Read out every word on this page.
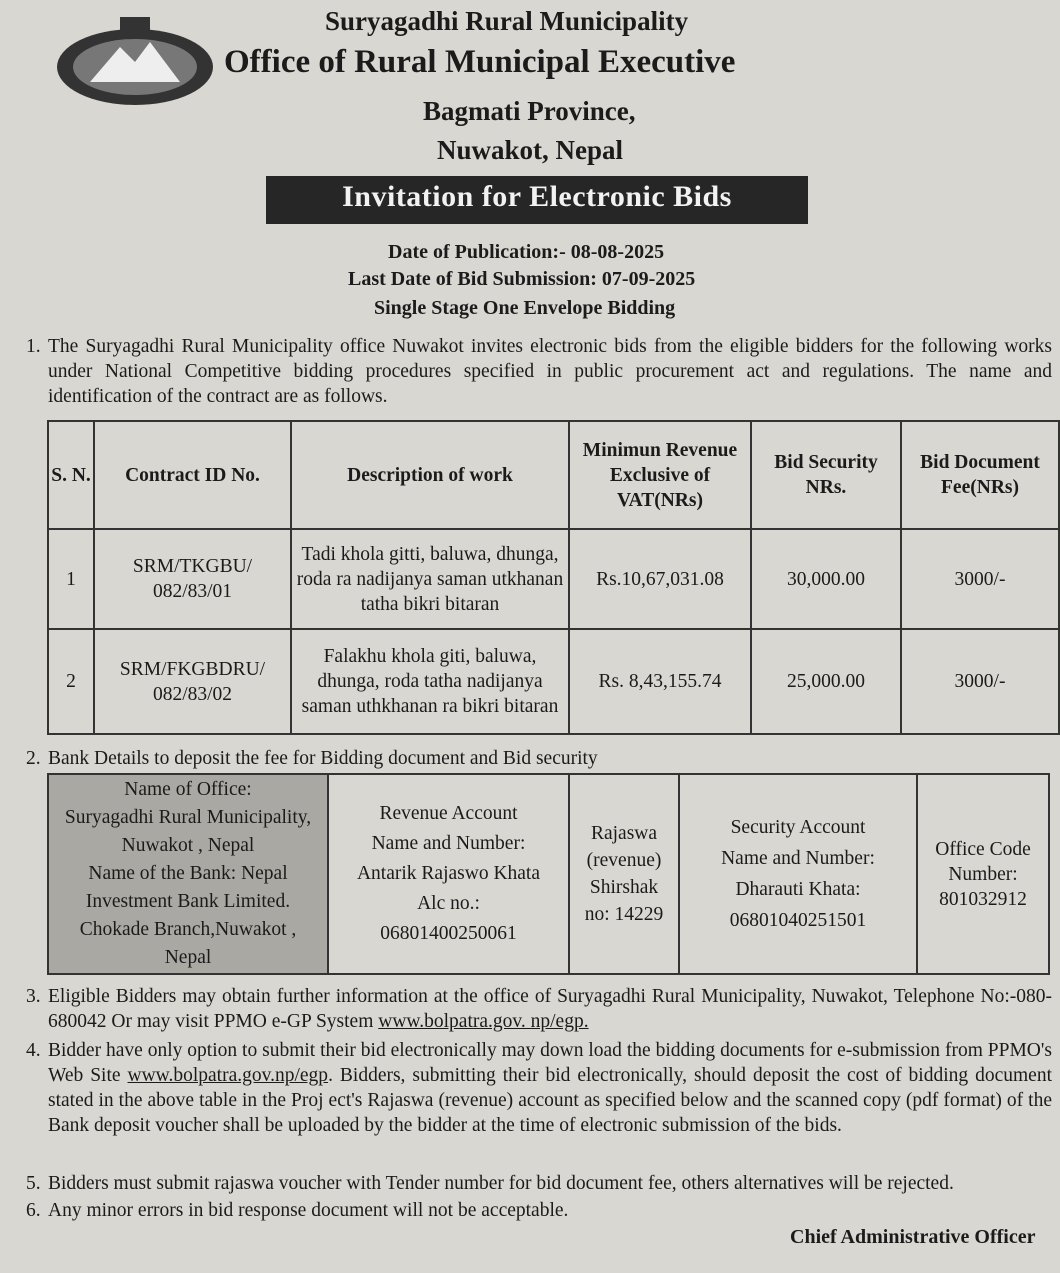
Suryagadhi Rural Municipality
Office of Rural Municipal Executive
Bagmati Province,
Nuwakot, Nepal
Invitation for Electronic Bids
Date of Publication:- 08-08-2025
Last Date of Bid Submission: 07-09-2025
Single Stage One Envelope Bidding
1. The Suryagadhi Rural Municipality office Nuwakot invites electronic bids from the eligible bidders for the following works under National Competitive bidding procedures specified in public procurement act and regulations. The name and identification of the contract are as follows.
S. N.	Contract ID No.	Description of work	Minimun Revenue Exclusive of VAT(NRs)	Bid Security NRs.	Bid Document Fee(NRs)
1	SRM/TKGBU/ 082/83/01	Tadi khola gitti, baluwa, dhunga, roda ra nadijanya saman utkhanan tatha bikri bitaran	Rs.10,67,031.08	30,000.00	3000/-
2	SRM/FKGBDRU/ 082/83/02	Falakhu khola giti, baluwa, dhunga, roda tatha nadijanya saman uthkhanan ra bikri bitaran	Rs. 8,43,155.74	25,000.00	3000/-
2. Bank Details to deposit the fee for Bidding document and Bid security
Name of Office:
Suryagadhi Rural Municipality,
Nuwakot , Nepal
Name of the Bank: Nepal
Investment Bank Limited.
Chokade Branch,Nuwakot ,
Nepal

Revenue Account
Name and Number:
Antarik Rajaswo Khata
Alc no.:
06801400250061

Rajaswa
(revenue)
Shirshak
no: 14229

Security Account
Name and Number:
Dharauti Khata:
06801040251501

Office Code
Number:
801032912
3. Eligible Bidders may obtain further information at the office of Suryagadhi Rural Municipality, Nuwakot, Telephone No:-080-680042 Or may visit PPMO e-GP System www.bolpatra.gov. np/egp.
4. Bidder have only option to submit their bid electronically may down load the bidding documents for e-submission from PPMO's Web Site www.bolpatra.gov.np/egp. Bidders, submitting their bid electronically, should deposit the cost of bidding document stated in the above table in the Proj ect's Rajaswa (revenue) account as specified below and the scanned copy (pdf format) of the Bank deposit voucher shall be uploaded by the bidder at the time of electronic submission of the bids.
5. Bidders must submit rajaswa voucher with Tender number for bid document fee, others alternatives will be rejected.
6. Any minor errors in bid response document will not be acceptable.
Chief Administrative Officer
